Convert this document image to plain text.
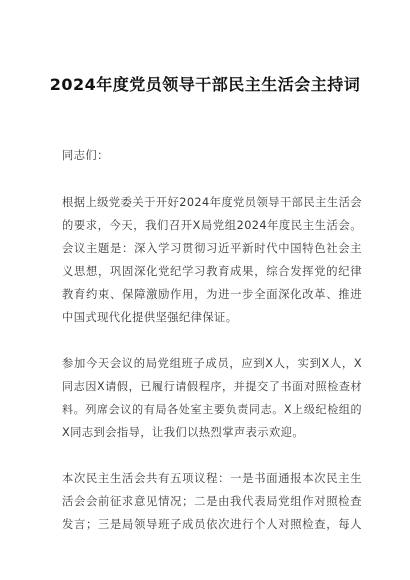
2024年度党员领导干部民主生活会主持词
同志们：
根据上级党委关于开好2024年度党员领导干部民主生活会
的要求，今天，我们召开X局党组2024年度民主生活会。
会议主题是：深入学习贯彻习近平新时代中国特色社会主
义思想，巩固深化党纪学习教育成果，综合发挥党的纪律
教育约束、保障激励作用，为进一步全面深化改革、推进
中国式现代化提供坚强纪律保证。
参加今天会议的局党组班子成员，应到X人，实到X人，X
同志因X请假，已履行请假程序，并提交了书面对照检查材
料。列席会议的有局各处室主要负责同志。X上级纪检组的
X同志到会指导，让我们以热烈掌声表示欢迎。
本次民主生活会共有五项议程：一是书面通报本次民主生
活会会前征求意见情况；二是由我代表局党组作对照检查
发言；三是局领导班子成员依次进行个人对照检查，每人
